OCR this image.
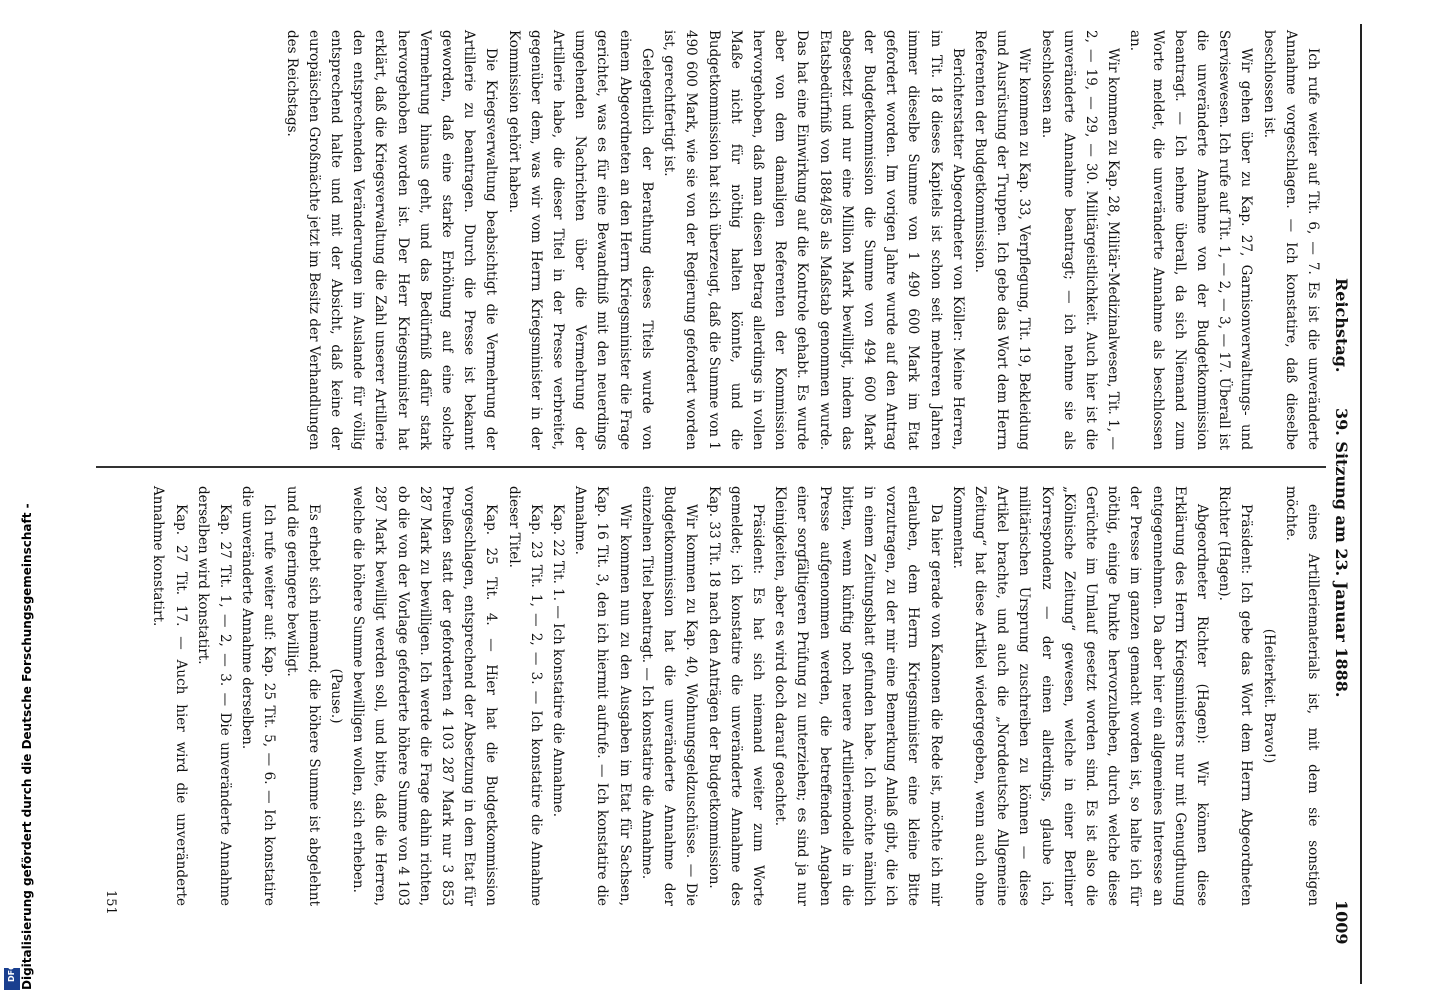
Reichstag.
39. Sitzung am 23. Januar 1888.
1009

Ich rufe weiter auf Tit. 6, — 7. Es ist die unveränderte Annahme vorgeschlagen. — Ich konstatire, daß dieselbe beschlossen ist.

Wir gehen über zu Kap. 27, Garnisonverwaltungs- und Servisewesen. Ich rufe auf Tit. 1, — 2, — 3, — 17. Überall ist die unveränderte Annahme von der Budgetkommission beantragt. — Ich nehme überall, da sich Niemand zum Worte meldet, die unveränderte Annahme als beschlossen an.

Wir kommen zu Kap. 28, Militär-Medizinalwesen, Tit. 1, — 2, — 19, — 29, — 30. Militärgeistlichkeit. Auch hier ist die unveränderte Annahme beantragt; — ich nehme sie als beschlossen an.

Wir kommen zu Kap. 33, Verpflegung, Tit. 19, Bekleidung und Ausrüstung der Truppen. Ich gebe das Wort dem Herrn Referenten der Budgetkommission.

Berichterstatter Abgeordneter von Köller: Meine Herren, im Tit. 18 dieses Kapitels ist schon seit mehreren Jahren immer dieselbe Summe von 1 490 600 Mark im Etat gefordert worden. Im vorigen Jahre wurde auf den Antrag der Budgetkommission die Summe von 494 600 Mark abgesetzt und nur eine Million Mark bewilligt, indem das Etatsbedürfniß von 1884/85 als Maßstab genommen wurde. Das hat eine Einwirkung auf die Kontrole gehabt. Es wurde aber von dem damaligen Referenten der Kommission hervorgehoben, daß man diesen Betrag allerdings in vollen Maße nicht für nöthig halten könnte, und die Budgetkommission hat sich überzeugt, daß die Summe von 1 490 600 Mark, wie sie von der Regierung gefordert worden ist, gerechtfertigt ist.

Gelegentlich der Berathung dieses Titels wurde von einem Abgeordneten an den Herrn Kriegsminister die Frage gerichtet, was es für eine Bewandtniß mit den neuerdings umgehenden Nachrichten über die Vermehrung der Artillerie habe, die dieser Titel in der Presse verbreitet, gegenüber dem, was wir vom Herrn Kriegsminister in der Kommission gehört haben.

Die Kriegsverwaltung beabsichtigt die Vermehrung der Artillerie zu beantragen. Durch die Presse ist bekannt geworden, daß eine starke Erhöhung auf eine solche Vermehrung hinaus geht, und das Bedürfniß dafür stark hervorgehoben worden ist. Der Herr Kriegsminister hat erklärt, daß die Kriegsverwaltung die Zahl unserer Artillerie den entsprechenden Veränderungen im Auslande für völlig entsprechend halte und mit der Absicht, daß keine der europäischen Großmächte jetzt im Besitz der Verhandlungen des Reichstags.

eines Artilleriematerials ist, mit dem sie sonstigen möchte.

(Heiterkeit. Bravo!)

Präsident: Ich gebe das Wort dem Herrn Abgeordneten Richter (Hagen).

Abgeordneter Richter (Hagen): Wir können diese Erklärung des Herrn Kriegsministers nur mit Genugthuung entgegennehmen. Da aber hier ein allgemeines Interesse an der Presse im ganzen gemacht worden ist, so halte ich für nöthig, einige Punkte hervorzuheben, durch welche diese Gerüchte im Umlauf gesetzt worden sind. Es ist also die „Kölnische Zeitung“ gewesen, welche in einer Berliner Korrespondenz — der einen allerdings, glaube ich, militärischen Ursprung zuschreiben zu können — diese Artikel brachte, und auch die „Norddeutsche Allgemeine Zeitung“ hat diese Artikel wiedergegeben, wenn auch ohne Kommentar.

Da hier gerade von Kanonen die Rede ist, möchte ich mir erlauben, dem Herrn Kriegsminister eine kleine Bitte vorzutragen, zu der mir eine Bemerkung Anlaß gibt, die ich in einem Zeitungsblatt gefunden habe. Ich möchte nämlich bitten, wenn künftig noch neuere Artilleriemodelle in die Presse aufgenommen werden, die betreffenden Angaben einer sorgfältigeren Prüfung zu unterziehen; es sind ja nur Kleinigkeiten, aber es wird doch darauf geachtet.

Präsident: Es hat sich niemand weiter zum Worte gemeldet; ich konstatire die unveränderte Annahme des Kap. 33 Tit. 18 nach den Anträgen der Budgetkommission.

Wir kommen zu Kap. 40, Wohnungsgeldzuschüsse. — Die Budgetkommission hat die unveränderte Annahme der einzelnen Titel beantragt. — Ich konstatire die Annahme.

Wir kommen nun zu den Ausgaben im Etat für Sachsen, Kap. 16 Tit. 3, den ich hiermit aufrufe. — Ich konstatire die Annahme.

Kap. 22 Tit. 1. — Ich konstatire die Annahme.

Kap. 23 Tit. 1, — 2, — 3. — Ich konstatire die Annahme dieser Titel.

Kap. 25 Tit. 4. — Hier hat die Budgetkommission vorgeschlagen, entsprechend der Absetzung in dem Etat für Preußen statt der geforderten 4 103 287 Mark nur 3 853 287 Mark zu bewilligen. Ich werde die Frage dahin richten, ob die von der Vorlage geforderte höhere Summe von 4 103 287 Mark bewilligt werden soll, und bitte, daß die Herren, welche die höhere Summe bewilligen wollen, sich erheben.

(Pause.)

Es erhebt sich niemand; die höhere Summe ist abgelehnt und die geringere bewilligt.

Ich rufe weiter auf: Kap. 25 Tit. 5, — 6. — Ich konstatire die unveränderte Annahme derselben.

Kap. 27 Tit. 1, — 2, — 3. — Die unveränderte Annahme derselben wird konstatirt.

Kap. 27 Tit. 17. — Auch hier wird die unveränderte Annahme konstatirt.

151
Digitalisierung gefördert durch die Deutsche Forschungsgemeinschaft -
DFG
